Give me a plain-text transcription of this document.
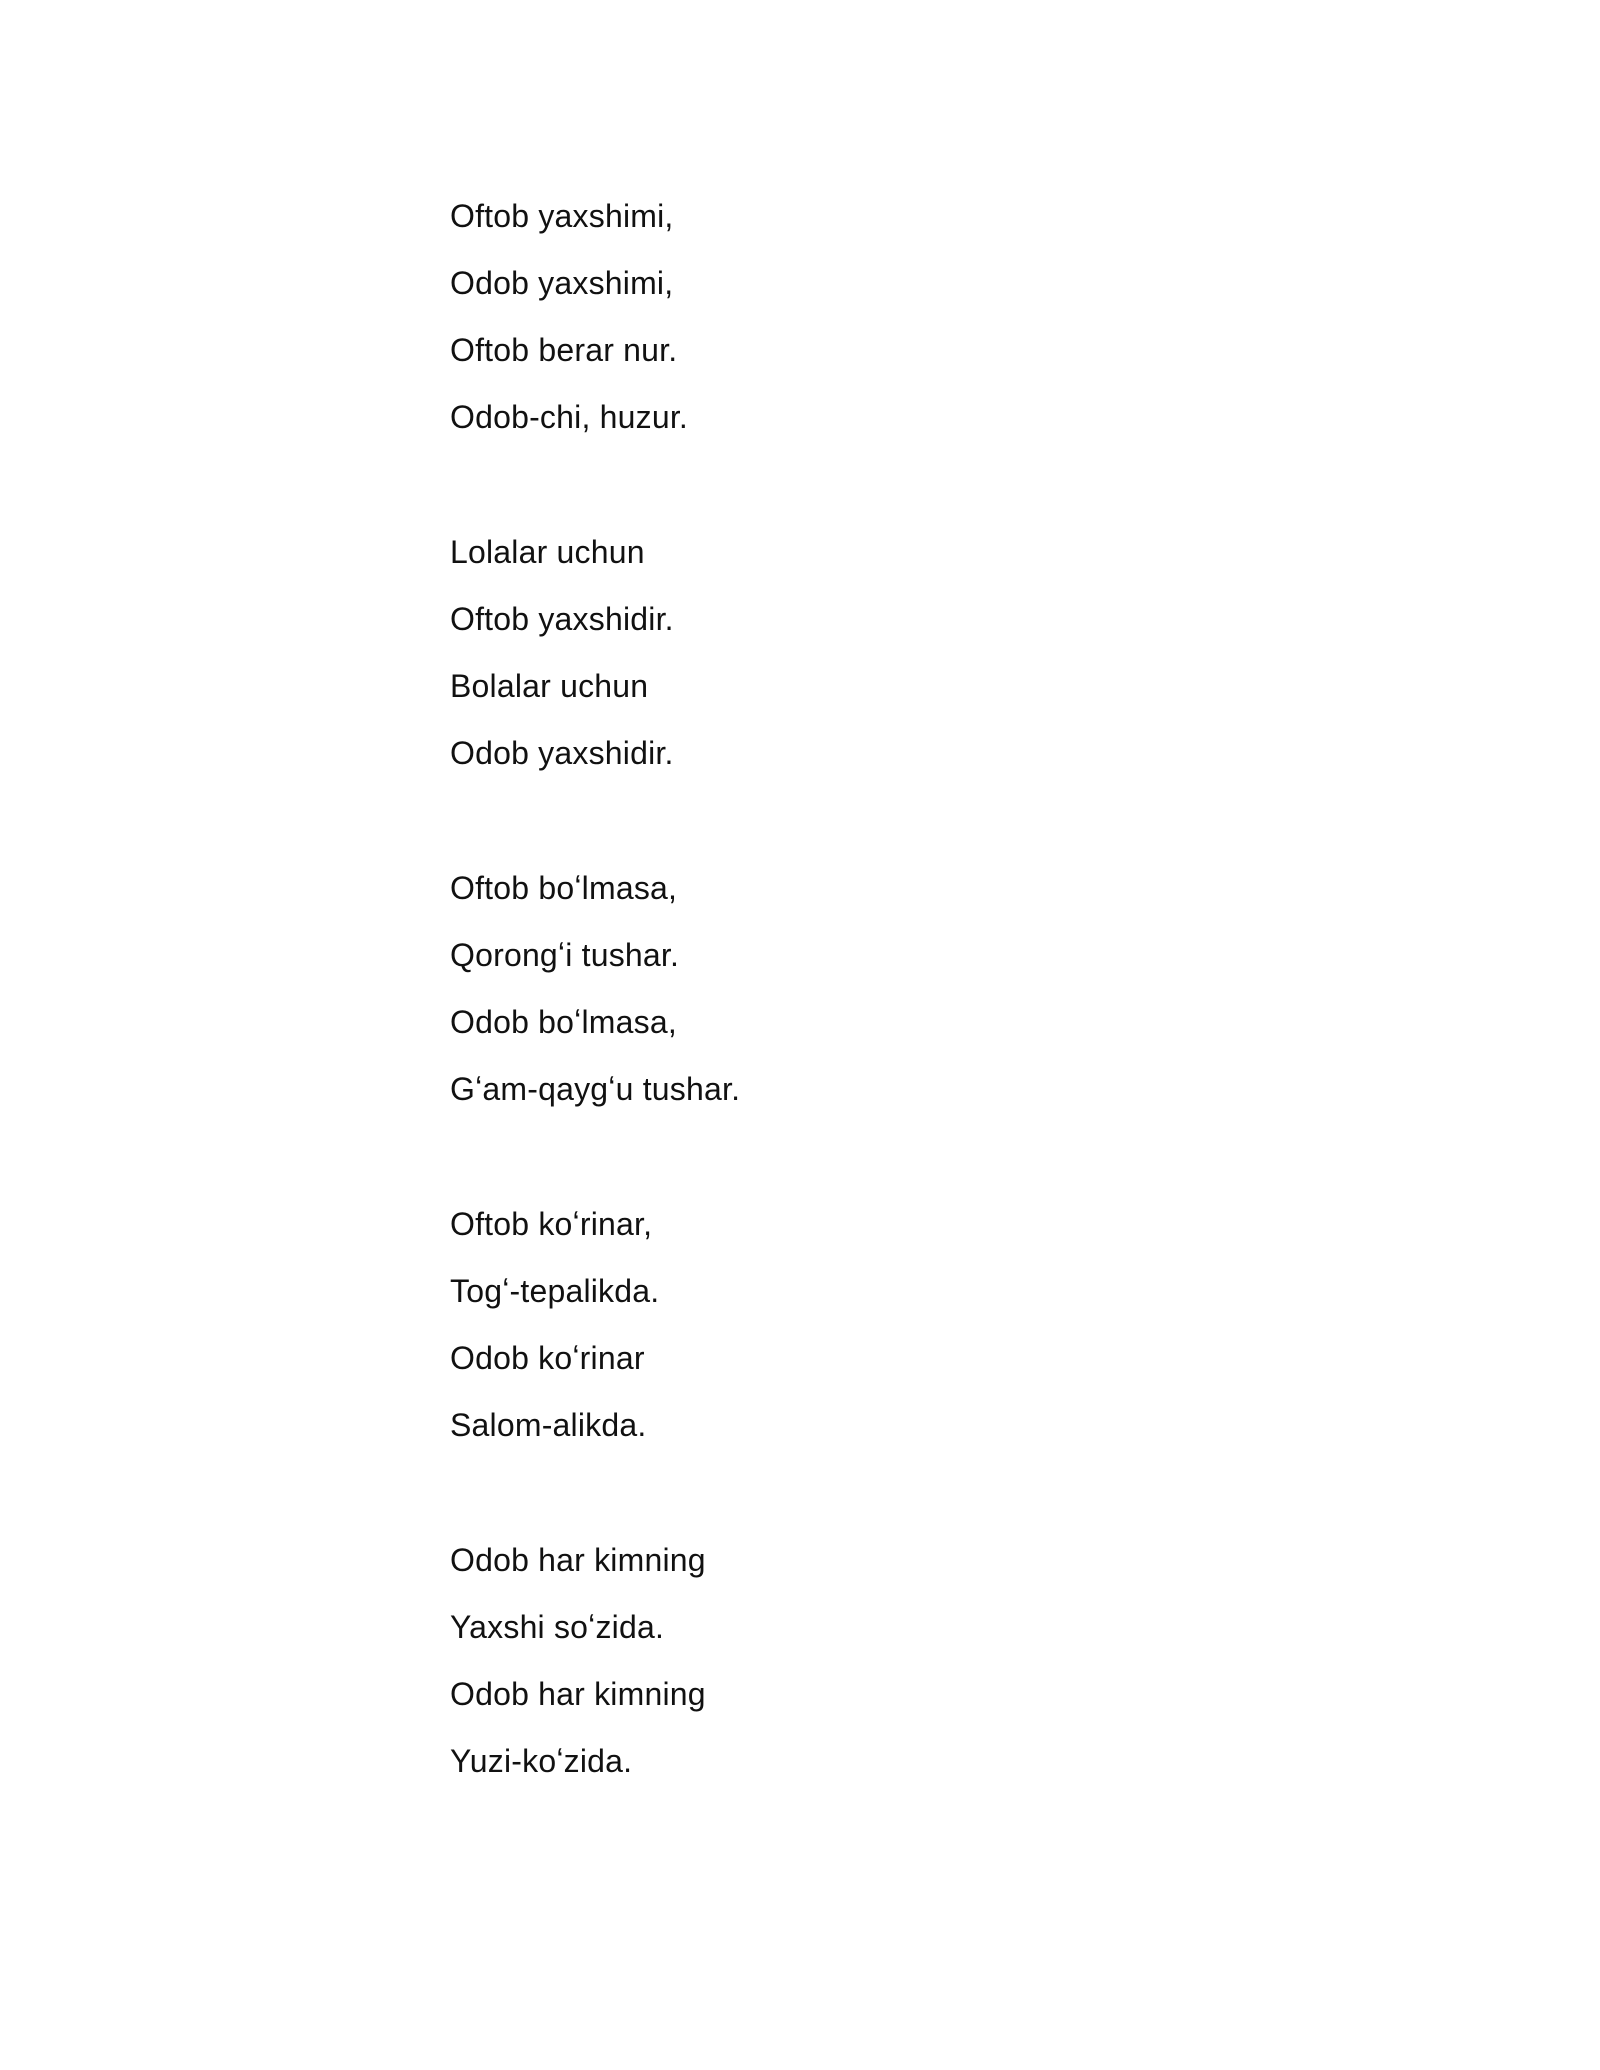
Oftob yaxshimi,
Odob yaxshimi,
Oftob berar nur.
Odob-chi, huzur.
Lolalar uchun
Oftob yaxshidir.
Bolalar uchun
Odob yaxshidir.
Oftob boʻlmasa,
Qorongʻi tushar.
Odob boʻlmasa,
Gʻam-qaygʻu tushar.
Oftob koʻrinar,
Togʻ-tepalikda.
Odob koʻrinar
Salom-alikda.
Odob har kimning
Yaxshi soʻzida.
Odob har kimning
Yuzi-koʻzida.
